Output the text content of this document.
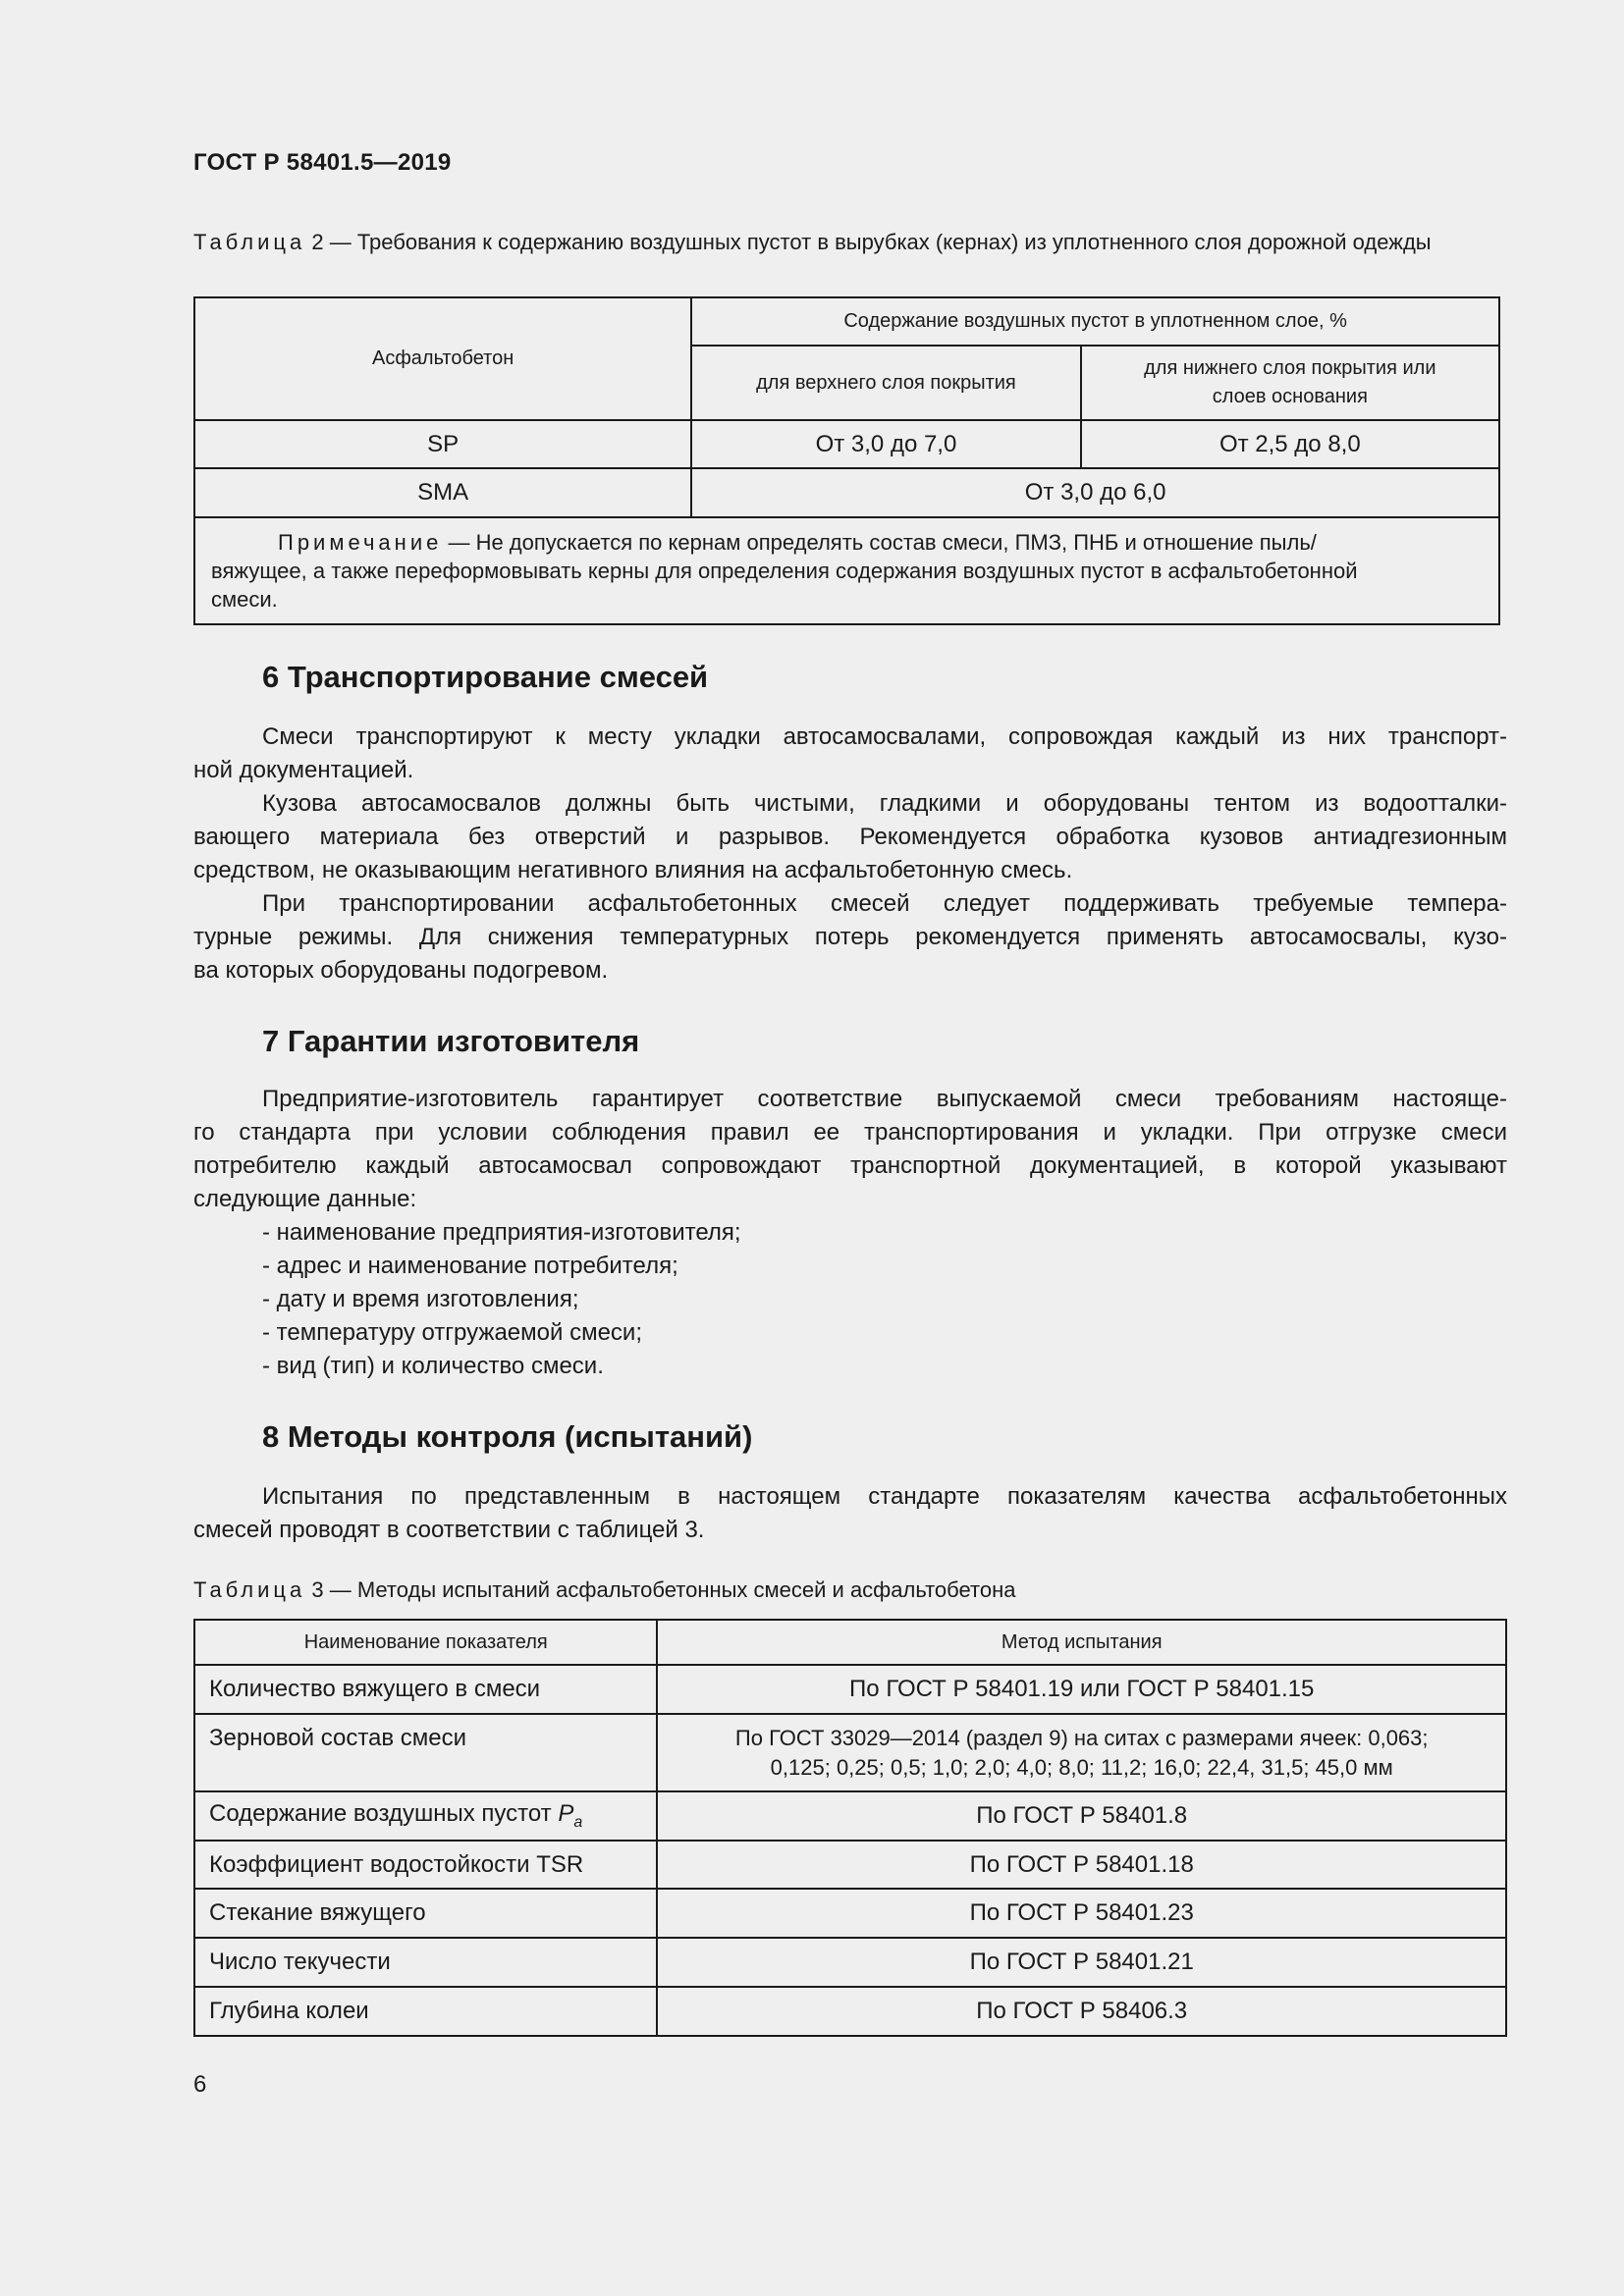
ГОСТ Р 58401.5—2019
Таблица 2 — Требования к содержанию воздушных пустот в вырубках (кернах) из уплотненного слоя дорожной одежды
Асфальтобетон	Содержание воздушных пустот в уплотненном слое, %	
	для верхнего слоя покрытия	для нижнего слоя покрытия или
слоев основания
SP	От 3,0 до 7,0	От 2,5 до 8,0
SMA	От 3,0 до 6,0	

Примечание — Не допускается по кернам определять состав смеси, ПМЗ, ПНБ и отношение пыль/
вяжущее, а также переформовывать керны для определения содержания воздушных пустот в асфальтобетонной
смеси.		
6 Транспортирование смесей
Смеси транспортируют к месту укладки автосамосвалами, сопровождая каждый из них транспорт-
ной документацией.
Кузова автосамосвалов должны быть чистыми, гладкими и оборудованы тентом из водоотталки-
вающего материала без отверстий и разрывов. Рекомендуется обработка кузовов антиадгезионным
средством, не оказывающим негативного влияния на асфальтобетонную смесь.
При транспортировании асфальтобетонных смесей следует поддерживать требуемые темпера-
турные режимы. Для снижения температурных потерь рекомендуется применять автосамосвалы, кузо-
ва которых оборудованы подогревом.
7 Гарантии изготовителя
Предприятие-изготовитель гарантирует соответствие выпускаемой смеси требованиям настояще-
го стандарта при условии соблюдения правил ее транспортирования и укладки. При отгрузке смеси
потребителю каждый автосамосвал сопровождают транспортной документацией, в которой указывают
следующие данные:
- наименование предприятия-изготовителя;
- адрес и наименование потребителя;
- дату и время изготовления;
- температуру отгружаемой смеси;
- вид (тип) и количество смеси.
8 Методы контроля (испытаний)
Испытания по представленным в настоящем стандарте показателям качества асфальтобетонных
смесей проводят в соответствии с таблицей 3.
Таблица 3 — Методы испытаний асфальтобетонных смесей и асфальтобетона
Наименование показателя	Метод испытания
Количество вяжущего в смеси	По ГОСТ Р 58401.19 или ГОСТ Р 58401.15
Зерновой состав смеси	По ГОСТ 33029—2014 (раздел 9) на ситах с размерами ячеек: 0,063;
0,125; 0,25; 0,5; 1,0; 2,0; 4,0; 8,0; 11,2; 16,0; 22,4, 31,5; 45,0 мм
Содержание воздушных пустот $P_a$	По ГОСТ Р 58401.8
Коэффициент водостойкости TSR	По ГОСТ Р 58401.18
Стекание вяжущего	По ГОСТ Р 58401.23
Число текучести	По ГОСТ Р 58401.21
Глубина колеи	По ГОСТ Р 58406.3
6
